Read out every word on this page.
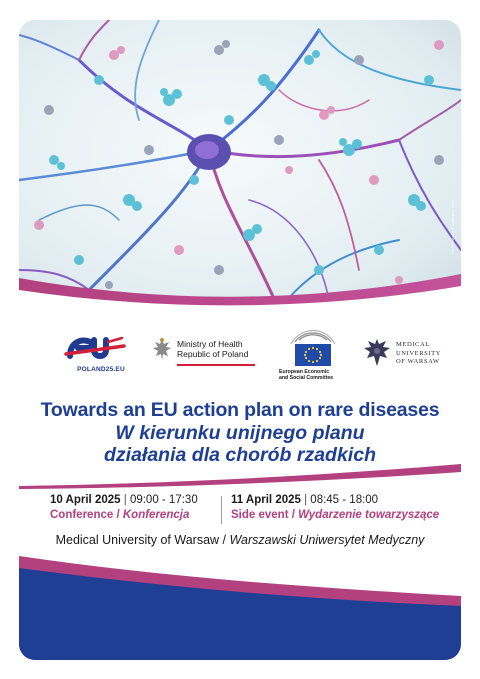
Shutterstock / Kateryna Kon
POLAND25.EU
Ministry of Health
Republic of Poland
European Economic
and Social Committee
MEDICAL
UNIVERSITY
OF WARSAW
Towards an EU action plan on rare diseases
W kierunku unijnego planu
działania dla chorób rzadkich
10 April 2025 | 09:00 - 17:30
Conference / Konferencja
11 April 2025 | 08:45 - 18:00
Side event / Wydarzenie towarzyszące
Medical University of Warsaw / Warszawski Uniwersytet Medyczny
